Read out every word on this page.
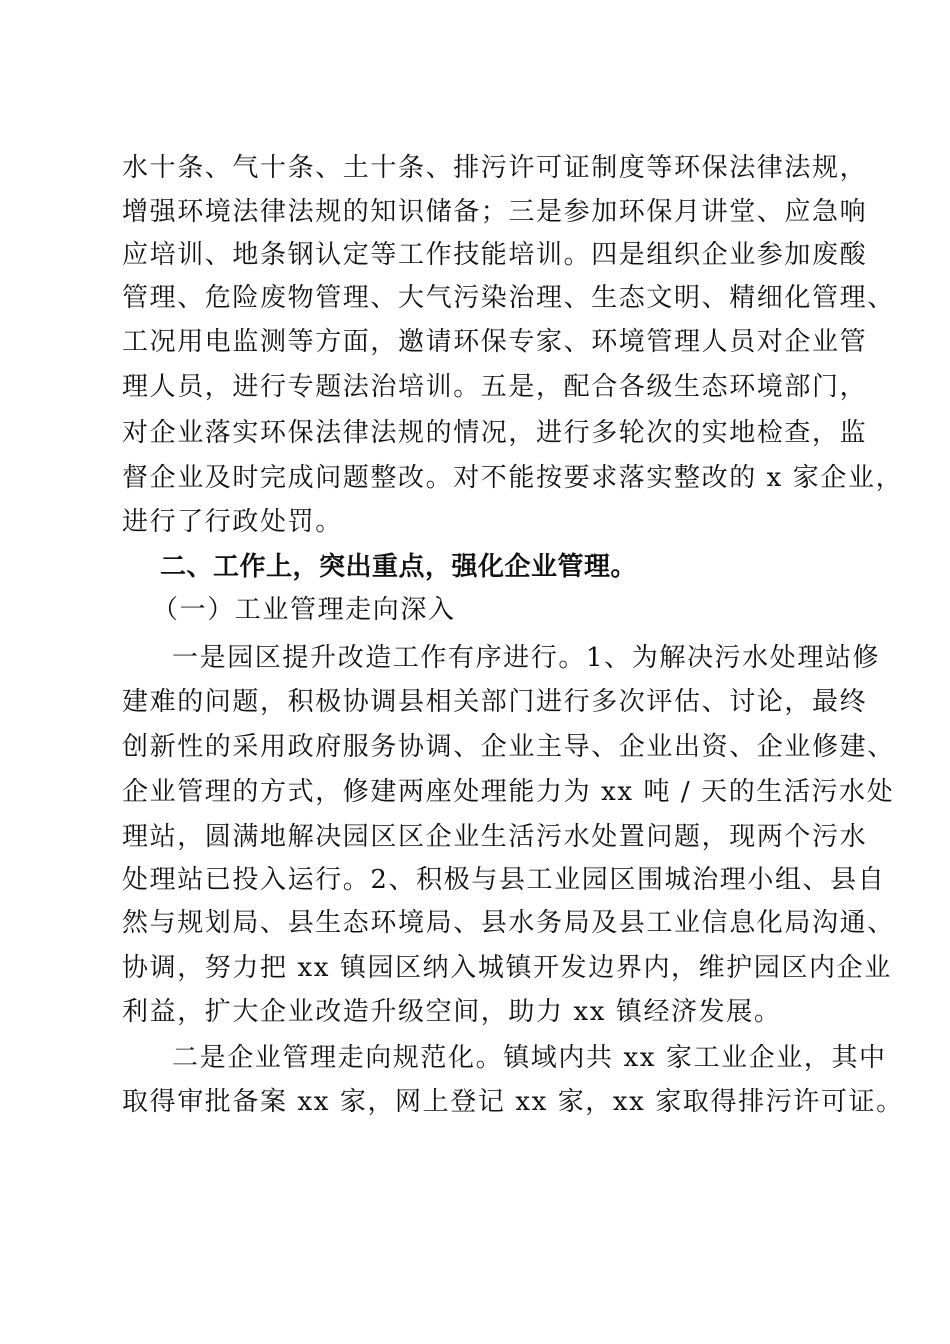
水十条、气十条、土十条、排污许可证制度等环保法律法规，
增强环境法律法规的知识储备；三是参加环保月讲堂、应急响
应培训、地条钢认定等工作技能培训。四是组织企业参加废酸
管理、危险废物管理、大气污染治理、生态文明、精细化管理、
工况用电监测等方面，邀请环保专家、环境管理人员对企业管
理人员，进行专题法治培训。五是，配合各级生态环境部门，
对企业落实环保法律法规的情况，进行多轮次的实地检查，监
督企业及时完成问题整改。对不能按要求落实整改的 x 家企业，
进行了行政处罚。
二、工作上，突出重点，强化企业管理。
（一）工业管理走向深入
一是园区提升改造工作有序进行。1、为解决污水处理站修
建难的问题，积极协调县相关部门进行多次评估、讨论，最终
创新性的采用政府服务协调、企业主导、企业出资、企业修建、
企业管理的方式，修建两座处理能力为 xx 吨 / 天的生活污水处
理站，圆满地解决园区区企业生活污水处置问题，现两个污水
处理站已投入运行。2、积极与县工业园区围城治理小组、县自
然与规划局、县生态环境局、县水务局及县工业信息化局沟通、
协调，努力把 xx 镇园区纳入城镇开发边界内，维护园区内企业
利益，扩大企业改造升级空间，助力 xx 镇经济发展。
二是企业管理走向规范化。镇域内共 xx 家工业企业，其中
取得审批备案 xx 家，网上登记 xx 家，xx 家取得排污许可证。
